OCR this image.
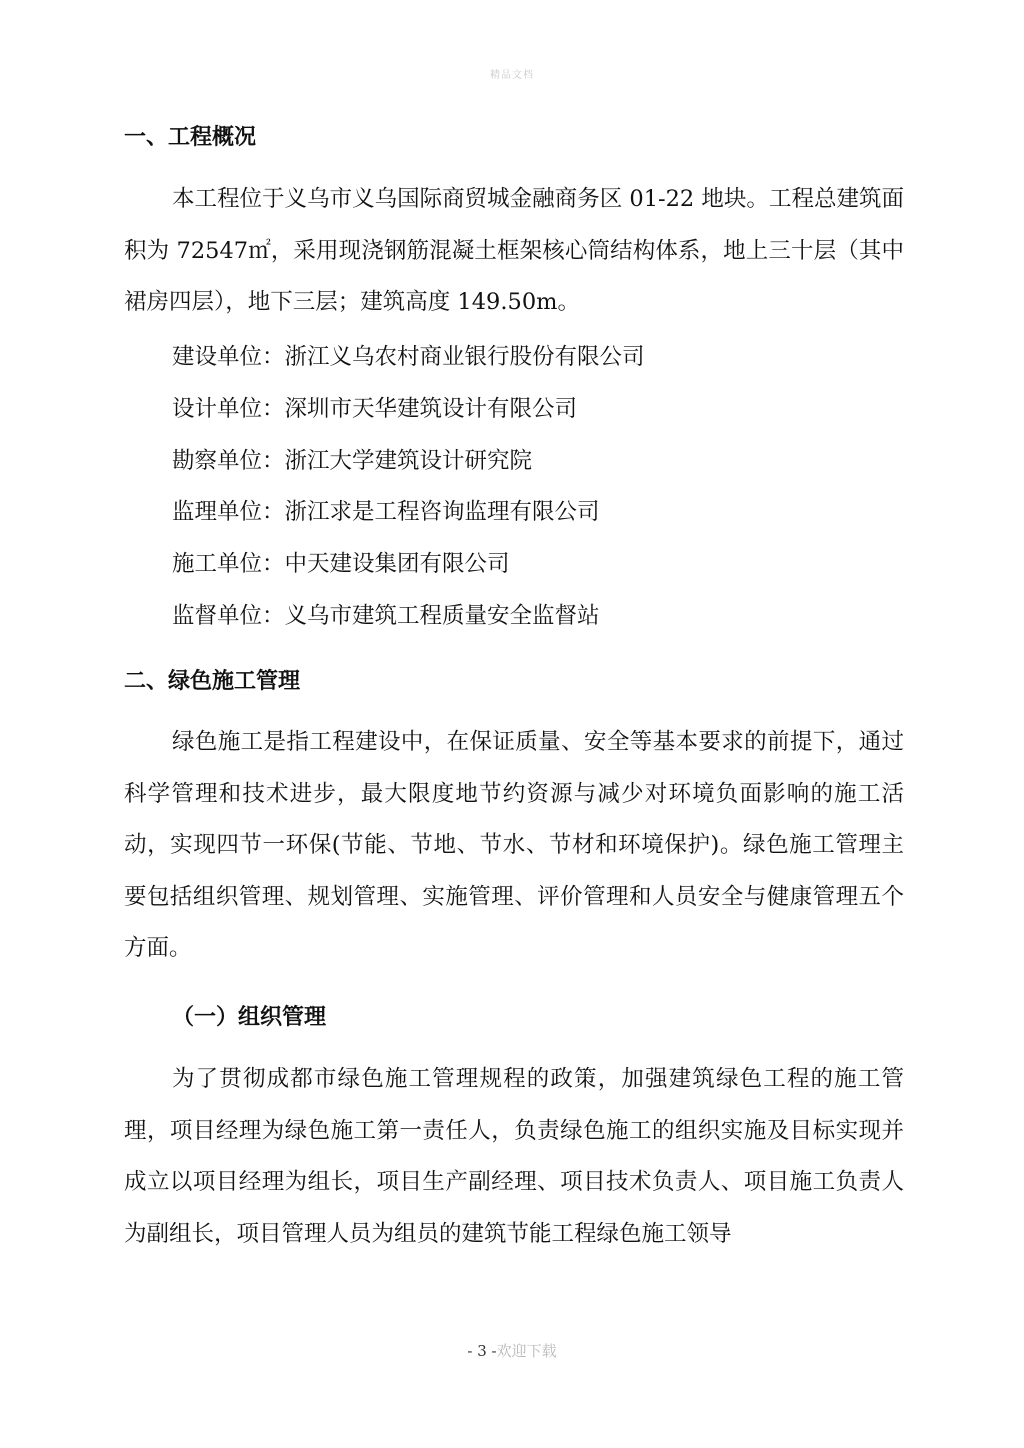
精品文档
一、工程概况
本工程位于义乌市义乌国际商贸城金融商务区 01-22 地块。工程总建筑面积为 72547㎡，采用现浇钢筋混凝土框架核心筒结构体系，地上三十层（其中裙房四层），地下三层；建筑高度 149.50m。
建设单位：浙江义乌农村商业银行股份有限公司
设计单位：深圳市天华建筑设计有限公司
勘察单位：浙江大学建筑设计研究院
监理单位：浙江求是工程咨询监理有限公司
施工单位：中天建设集团有限公司
监督单位：义乌市建筑工程质量安全监督站
二、绿色施工管理
绿色施工是指工程建设中，在保证质量、安全等基本要求的前提下，通过科学管理和技术进步，最大限度地节约资源与减少对环境负面影响的施工活动，实现四节一环保(节能、节地、节水、节材和环境保护)。绿色施工管理主要包括组织管理、规划管理、实施管理、评价管理和人员安全与健康管理五个方面。
（一）组织管理
为了贯彻成都市绿色施工管理规程的政策，加强建筑绿色工程的施工管理，项目经理为绿色施工第一责任人，负责绿色施工的组织实施及目标实现并成立以项目经理为组长，项目生产副经理、项目技术负责人、项目施工负责人为副组长，项目管理人员为组员的建筑节能工程绿色施工领导
- 3 -欢迎下载
